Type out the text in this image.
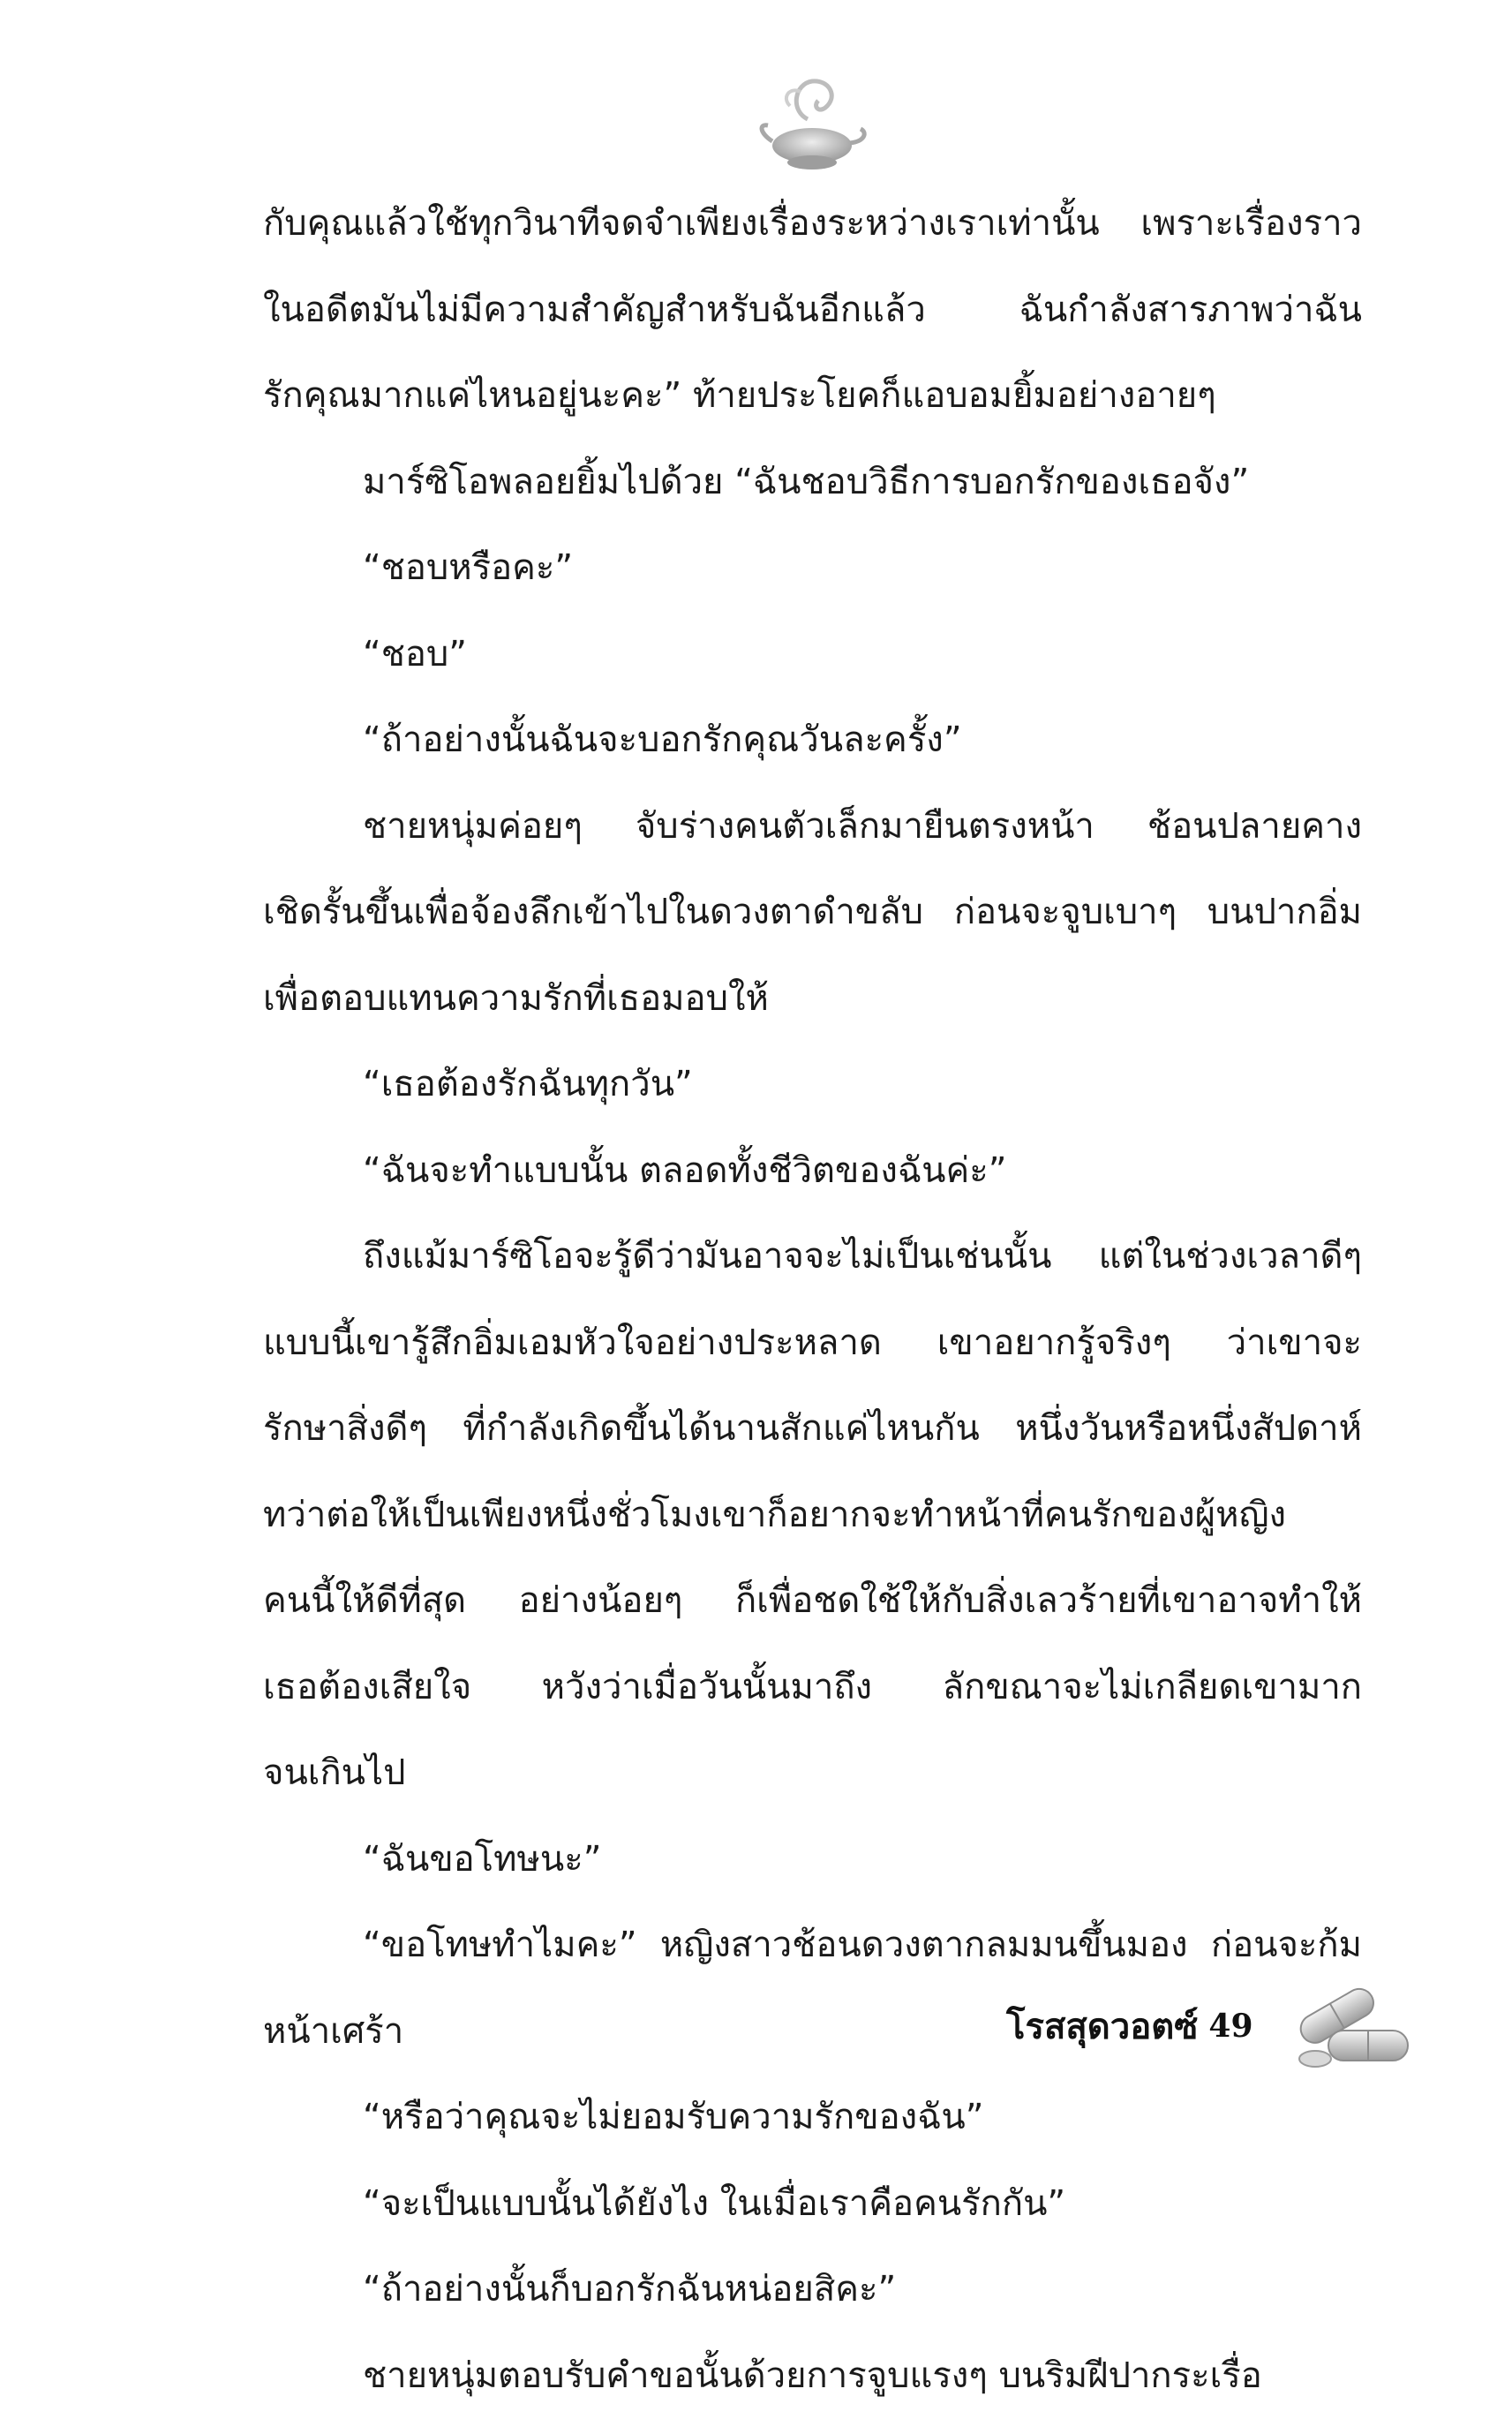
กับคุณแล้วใช้ทุกวินาทีจดจำเพียงเรื่องระหว่างเราเท่านั้น เพราะเรื่องราว
ในอดีตมันไม่มีความสำคัญสำหรับฉันอีกแล้ว ฉันกำลังสารภาพว่าฉัน
รักคุณมากแค่ไหนอยู่นะคะ” ท้ายประโยคก็แอบอมยิ้มอย่างอายๆ
มาร์ซิโอพลอยยิ้มไปด้วย “ฉันชอบวิธีการบอกรักของเธอจัง”
“ชอบหรือคะ”
“ชอบ”
“ถ้าอย่างนั้นฉันจะบอกรักคุณวันละครั้ง”
ชายหนุ่มค่อยๆ จับร่างคนตัวเล็กมายืนตรงหน้า ช้อนปลายคาง
เชิดรั้นขึ้นเพื่อจ้องลึกเข้าไปในดวงตาดำขลับ ก่อนจะจูบเบาๆ บนปากอิ่ม
เพื่อตอบแทนความรักที่เธอมอบให้
“เธอต้องรักฉันทุกวัน”
“ฉันจะทำแบบนั้น ตลอดทั้งชีวิตของฉันค่ะ”
ถึงแม้มาร์ซิโอจะรู้ดีว่ามันอาจจะไม่เป็นเช่นนั้น แต่ในช่วงเวลาดีๆ
แบบนี้เขารู้สึกอิ่มเอมหัวใจอย่างประหลาด เขาอยากรู้จริงๆ ว่าเขาจะ
รักษาสิ่งดีๆ ที่กำลังเกิดขึ้นได้นานสักแค่ไหนกัน หนึ่งวันหรือหนึ่งสัปดาห์
ทว่าต่อให้เป็นเพียงหนึ่งชั่วโมงเขาก็อยากจะทำหน้าที่คนรักของผู้หญิง
คนนี้ให้ดีที่สุด อย่างน้อยๆ ก็เพื่อชดใช้ให้กับสิ่งเลวร้ายที่เขาอาจทำให้
เธอต้องเสียใจ หวังว่าเมื่อวันนั้นมาถึง ลักขณาจะไม่เกลียดเขามาก
จนเกินไป
“ฉันขอโทษนะ”
“ขอโทษทำไมคะ” หญิงสาวช้อนดวงตากลมมนขึ้นมอง ก่อนจะก้ม
หน้าเศร้า
“หรือว่าคุณจะไม่ยอมรับความรักของฉัน”
“จะเป็นแบบนั้นได้ยังไง ในเมื่อเราคือคนรักกัน”
“ถ้าอย่างนั้นก็บอกรักฉันหน่อยสิคะ”
ชายหนุ่มตอบรับคำขอนั้นด้วยการจูบแรงๆ บนริมฝีปากระเรื่อ
โรสสุดวอตซ์ 49
